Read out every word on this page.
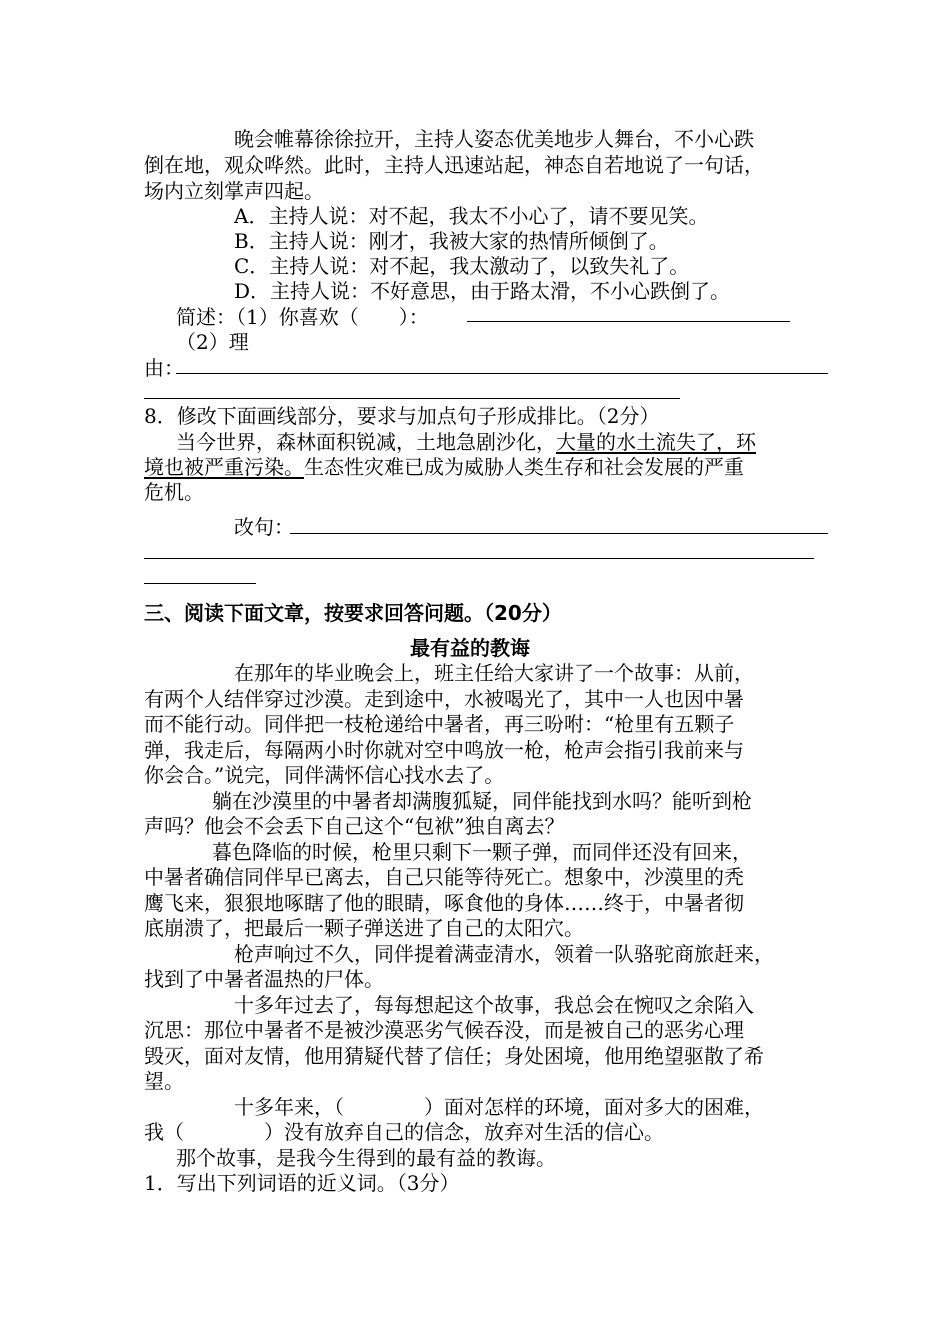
晚会帷幕徐徐拉开，主持人姿态优美地步人舞台，不小心跌
倒在地，观众哗然。此时，主持人迅速站起，神态自若地说了一句话，
场内立刻掌声四起。
A．主持人说：对不起，我太不小心了，请不要见笑。
B．主持人说：刚才，我被大家的热情所倾倒了。
C．主持人说：对不起，我太激动了，以致失礼了。
D．主持人说：不好意思，由于路太滑，不小心跌倒了。
简述：（1）你喜欢（　　）：
（2）理
由：
8．修改下面画线部分，要求与加点句子形成排比。（2分）
当今世界，森林面积锐减，土地急剧沙化，大量的水土流失了，环
境也被严重污染。生态性灾难已成为威胁人类生存和社会发展的严重
危机。
改句：
三、阅读下面文章，按要求回答问题。（20分）
最有益的教诲
在那年的毕业晚会上，班主任给大家讲了一个故事：从前，
有两个人结伴穿过沙漠。走到途中，水被喝光了，其中一人也因中暑
而不能行动。同伴把一枝枪递给中暑者，再三吩咐：“枪里有五颗子
弹，我走后，每隔两小时你就对空中鸣放一枪，枪声会指引我前来与
你会合。”说完，同伴满怀信心找水去了。
躺在沙漠里的中暑者却满腹狐疑，同伴能找到水吗？能听到枪
声吗？他会不会丢下自己这个“包袱”独自离去？
暮色降临的时候，枪里只剩下一颗子弹，而同伴还没有回来，
中暑者确信同伴早已离去，自己只能等待死亡。想象中，沙漠里的秃
鹰飞来，狠狠地啄瞎了他的眼睛，啄食他的身体……终于，中暑者彻
底崩溃了，把最后一颗子弹送进了自己的太阳穴。
枪声响过不久，同伴提着满壶清水，领着一队骆驼商旅赶来，
找到了中暑者温热的尸体。
十多年过去了，每每想起这个故事，我总会在惋叹之余陷入
沉思：那位中暑者不是被沙漠恶劣气候吞没，而是被自己的恶劣心理
毁灭，面对友情，他用猜疑代替了信任；身处困境，他用绝望驱散了希
望。
十多年来，（　　　　）面对怎样的环境，面对多大的困难，
我（　　　　）没有放弃自己的信念，放弃对生活的信心。
那个故事，是我今生得到的最有益的教诲。
1．写出下列词语的近义词。（3分）
